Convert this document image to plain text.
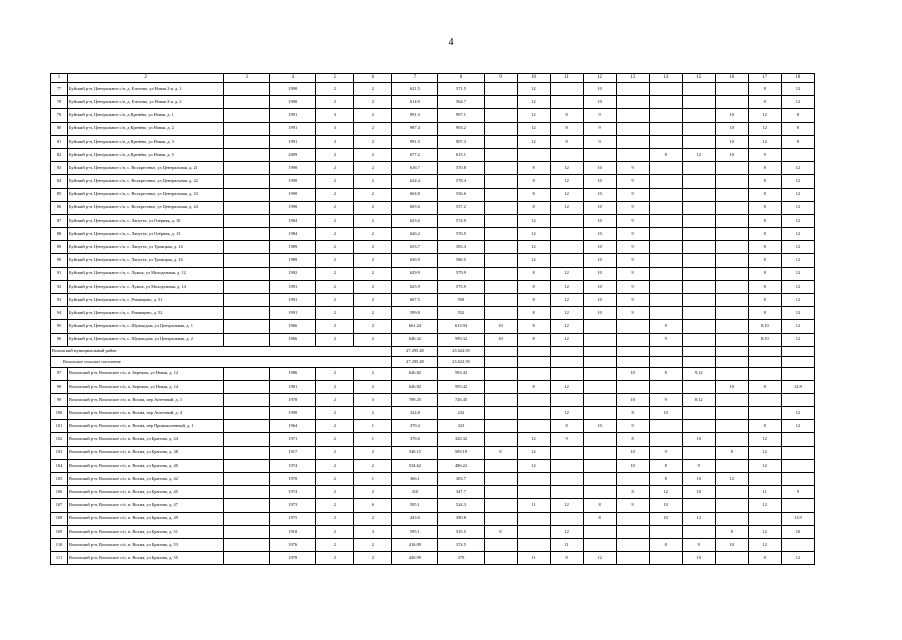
4
1	2	3	4	5	6	7	8	9	10	11	12	13	14	15	16	17	18
77	Буйский р-н, Центральное с/п, д. Елегино, ул Новая 2-я, д. 1		1990	2	2	621.5	571.5		12		10					8	12
78	Буйский р-н, Центральное с/п, д. Елегино, ул Новая 2-я, д. 2		1990	2	2	614.9	564.7		12		10					8	12
79	Буйский р-н, Центральное с/п, д Кренёво, ул Новая, д. 1		1991	3	2	991.3	907.1		12	8	9				10	12	8
80	Буйский р-н, Центральное с/п, д Кренёво, ул Новая, д. 2		1991	3	2	987.4	903.2		12	8	9				10	12	8
81	Буйский р-н, Центральное с/п, д Кренёво, ул Новая, д. 3		1991	3	2	991.5	907.3		12	8	9				10	12	8
82	Буйский р-н, Центральное с/п, д Кренёво, ул Новая, д. 5		2009	2	2	677.2	615.1						8	12	10	9	
83	Буйский р-н, Центральное с/п, с. Воскресенье, ул Центральная, д. 21		1990	2	2	616.7	570.8		8	12	10	9				8	12
84	Буйский р-н, Центральное с/п, с. Воскресенье, ул Центральная, д. 22		1990	2	2	624.4	578.4		8	12	10	9				8	12
85	Буйский р-н, Центральное с/п, с. Воскресенье, ул Центральная, д. 23		1990	2	2	604.8	556.6		8	12	10	9				8	12
86	Буйский р-н, Центральное с/п, с. Воскресенье, ул Центральная, д. 24		1990	2	2	605.6	557.2		8	12	10	9				8	12
87	Буйский р-н, Центральное с/п, с. Лапугта, ул Озёрная, д. 10		1984	2	2	623.6	574.9		12		10	9				8	12
88	Буйский р-н, Центральное с/п, с. Лапугта, ул Озёрная, д. 13		1984	2	2	626.2	576.9		12		10	9				8	12
89	Буйский р-н, Центральное с/п, с. Лапугта, ул Троицкая, д. 14		1989	2	2	633.7	583.3		12		10	9				8	12
90	Буйский р-н, Центральное с/п, с. Лапугта, ул Троицкая, д. 16		1989	2	2	636.9	586.5		12		10	9				8	12
91	Буйский р-н, Центральное с/п, с. Лужок, ул Молодежная, д. 12		1992	2	2	629.9	579.9		8	12	10	9				8	12
92	Буйский р-н, Центральное с/п, с. Лужок, ул Молодежная, д. 14		1991	2	2	625.9	575.9		8	12	10	9				8	12
93	Буйский р-н, Центральное с/п, с. Романцево, д. 51		1991	2	2	607.5	558		8	12	10	9				8	12
94	Буйский р-н, Центральное с/п, с. Романцево, д. 52		1991	2	2	599.8	552		8	12	10	9				8	12
95	Буйский р-н, Центральное с/п, с. Шушкодом, ул Центральная, д. 1		1966	2	2	661.24	613.94	10	8	12			9			8;10	12
96	Буйский р-н, Центральное с/п, с. Шушкодом, ул Центральная, д. 2		1966	2	2	646.32	599.32	10	8	12			9			8;10	12
Вохомский муниципальный район						27 295.48	23 622.59										
Вохомское сельское поселение						27 295.48	23 622.59										
97	Вохомский р-н, Вохомское с/п, п. Бережок, ул Новая, д. 12		1986	2	2	626.82	593.43					10	8	9;12			
98	Вохомский р-н, Вохомское с/п, п. Бережок, ул Новая, д. 14		1981	2	2	626.82	595.42		8	12					10	8	12;9
99	Вохомский р-н, Вохомское с/п, п. Вохма, пер Аптечный, д. 1		1978	2	3	789.25	726.45					10	9	8;12			
100	Вохомский р-н, Вохомское с/п, п. Вохма, пер Аптечный, д. 4		1990	2	2	324.8	232			12		8	10				12
101	Вохомский р-н, Вохомское с/п, п. Вохма, пер Промышленный, д. 1		1964	2	1	379.4	323			8	10	9				8	12
102	Вохомский р-н, Вохомское с/п, п. Вохма, ул Брагина, д. 24		1971	2	1	376.6	320.32		12	9		8		10		12	
103	Вохомский р-н, Вохомское с/п, п. Вохма, ул Брагина, д. 38		1917	2	2	546.15	509.19	8	12			10	9		8	12	
104	Вохомский р-н, Вохомское с/п, п. Вохма, ул Брагина, д. 40		1974	2	2	534.62	486.22		12			10	8	9		12	
105	Вохомский р-н, Вохомское с/п, п. Вохма, ул Брагина, д. 42		1970	2	1	366.1	303.7						8	10	12		
106	Вохомский р-н, Вохомское с/п, п. Вохма, ул Брагина, д. 45		1974	2	2	410	347.7					8	12	10		11	9
107	Вохомский р-н, Вохомское с/п, п. Вохма, ул Брагина, д. 47		1973	2	6	595.1	524.3		11	12	8	9	10			12	
108	Вохомский р-н, Вохомское с/п, п. Вохма, ул Брагина, д. 49		1975	2	2	443.6	390.8				8		10	12			11;9
109	Вохомский р-н, Вохомское с/п, п. Вохма, ул Брагина, д. 51		1918	2	3	595.1	535.5	8		12					8	12	10
110	Вохомский р-н, Вохомское с/п, п. Вохма, ул Брагина, д. 53		1976	2	2	416.09	374.5			11			8	9	10	12	
111	Вохомский р-н, Вохомское с/п, п. Вохма, ул Брагина, д. 55		1978	2	2	420.99	379		11	8	12			10		8	12
